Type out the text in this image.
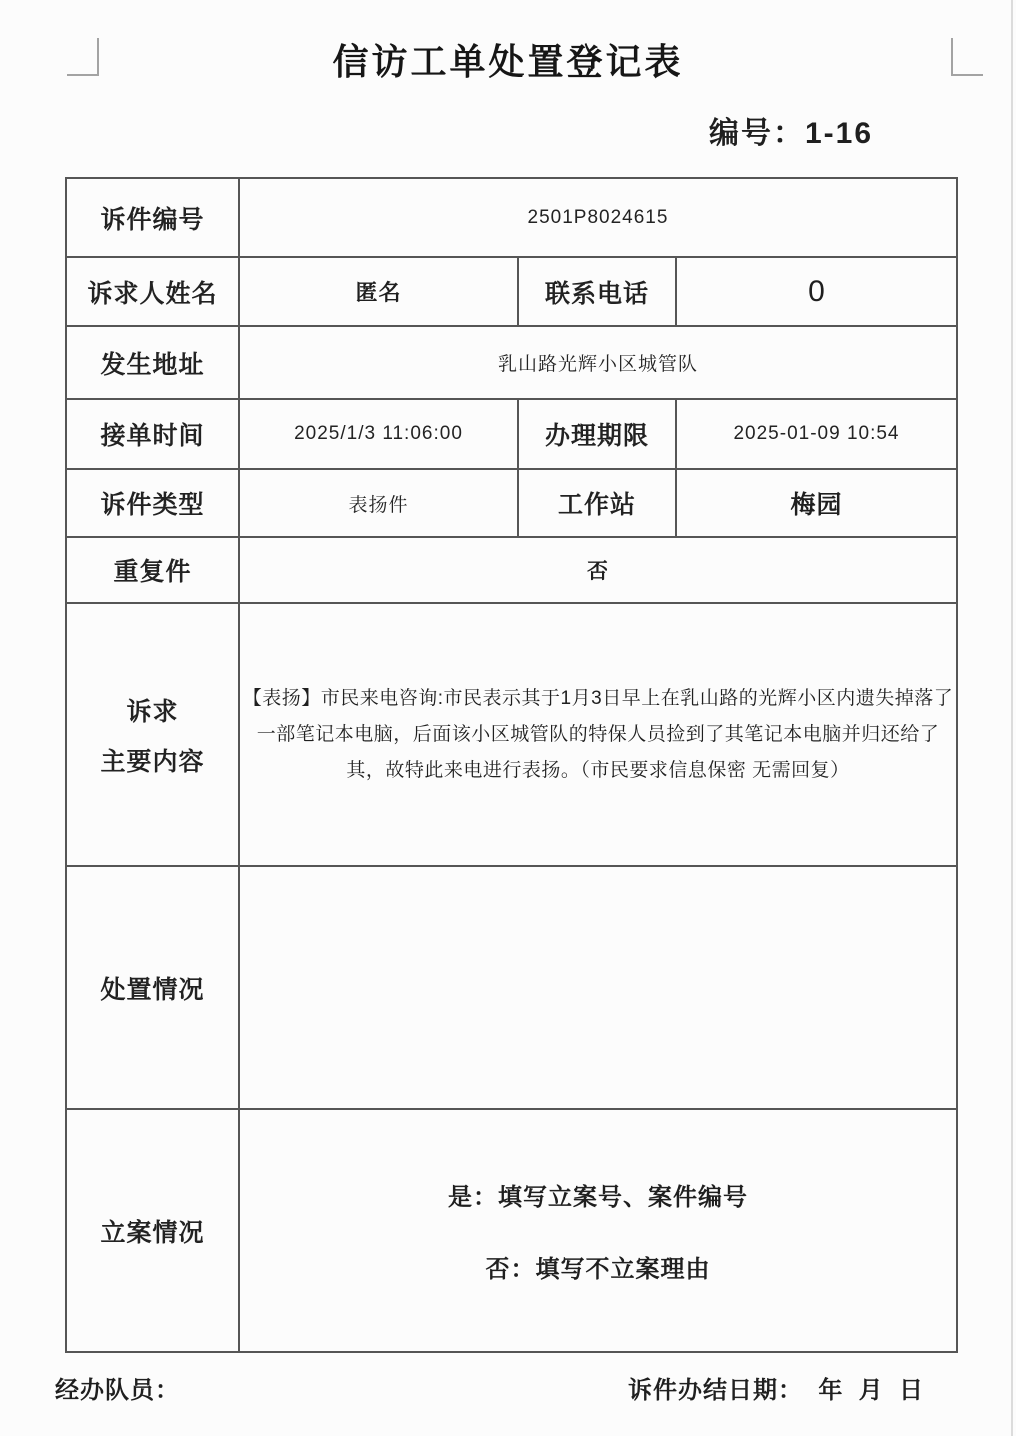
信访工单处置登记表
编号：1-16
诉件编号	2501P8024615		
诉求人姓名	匿名	联系电话	0
发生地址	乳山路光辉小区城管队		
接单时间	2025/1/3 11:06:00	办理期限	2025-01-09 10:54
诉件类型	表扬件	工作站	梅园
重复件	否		

诉求
主要内容	【表扬】市民来电咨询:市民表示其于1月3日早上在乳山路的光辉小区内遗失掉落了一部笔记本电脑，后面该小区城管队的特保人员捡到了其笔记本电脑并归还给了其，故特此来电进行表扬。（市民要求信息保密 无需回复）		
处置情况			
立案情况	是：填写立案号、案件编号
否：填写不立案理由		
经办队员：	诉件办结日期：  年  月  日
